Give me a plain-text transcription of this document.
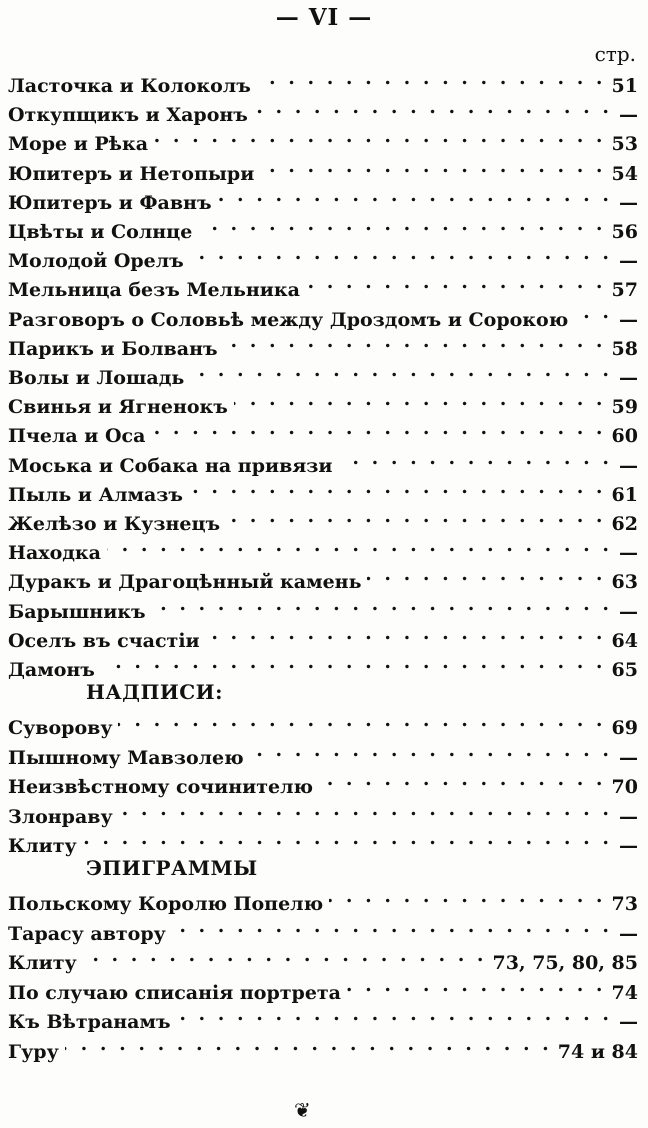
— VI —
стр.
Ласточка и Колоколъ . . .	51
Откупщикъ и Харонъ . . .	—
Море и Рѣка . . .	53
Юпитеръ и Нетопыри . . .	54
Юпитеръ и Фавнъ . . .	—
Цвѣты и Солнце . . .	56
Молодой Орелъ . . .	—
Мельница безъ Мельника . . .	57
Разговоръ о Соловьѣ между Дроздомъ и Сорокою . . .	—
Парикъ и Болванъ . . .	58
Волы и Лошадь . . .	—
Свинья и Ягненокъ . . .	59
Пчела и Оса . . .	60
Моська и Собака на привязи . . .	—
Пыль и Алмазъ . . .	61
Желѣзо и Кузнецъ . . .	62
Находка . . .	—
Дуракъ и Драгоцѣнный камень . . .	63
Барышникъ . . .	—
Оселъ въ счастіи . . .	64
Дамонъ . . .	65
Суворову . . .	69
Пышному Мавзолею . . .	—
Неизвѣстному сочинителю . . .	70
Злонраву . . .	—
Клиту . . .	—
Польскому Королю Попелю . . .	73
Тарасу автору . . .	—
Клиту . . .	73, 75, 80, 85
По случаю списанія портрета . . .	74
Къ Вѣтранамъ . . .	—
Гуру . . .	74 и 84
НАДПИСИ:
ЭПИГРАММЫ
❦
